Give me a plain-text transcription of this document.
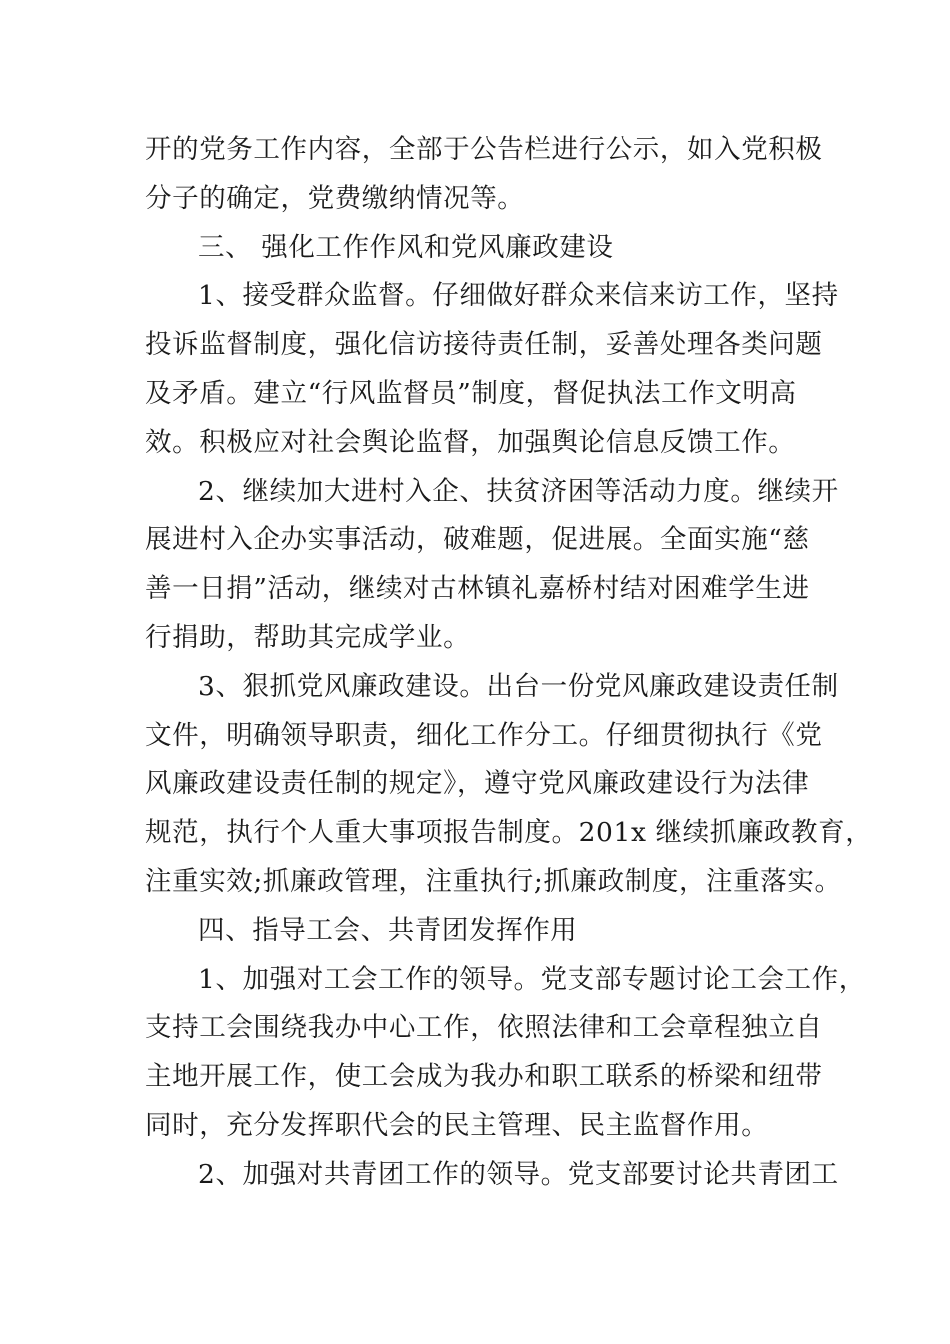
开的党务工作内容，全部于公告栏进行公示，如入党积极
分子的确定，党费缴纳情况等。
三、 强化工作作风和党风廉政建设
1、接受群众监督。仔细做好群众来信来访工作，坚持
投诉监督制度，强化信访接待责任制，妥善处理各类问题
及矛盾。建立“行风监督员”制度，督促执法工作文明高
效。积极应对社会舆论监督，加强舆论信息反馈工作。
2、继续加大进村入企、扶贫济困等活动力度。继续开
展进村入企办实事活动，破难题，促进展。全面实施“慈
善一日捐”活动，继续对古林镇礼嘉桥村结对困难学生进
行捐助，帮助其完成学业。
3、狠抓党风廉政建设。出台一份党风廉政建设责任制
文件，明确领导职责，细化工作分工。仔细贯彻执行《党
风廉政建设责任制的规定》，遵守党风廉政建设行为法律
规范，执行个人重大事项报告制度。201x 继续抓廉政教育，
注重实效;抓廉政管理，注重执行;抓廉政制度，注重落实。
四、指导工会、共青团发挥作用
1、加强对工会工作的领导。党支部专题讨论工会工作，
支持工会围绕我办中心工作，依照法律和工会章程独立自
主地开展工作，使工会成为我办和职工联系的桥梁和纽带
同时，充分发挥职代会的民主管理、民主监督作用。
2、加强对共青团工作的领导。党支部要讨论共青团工
